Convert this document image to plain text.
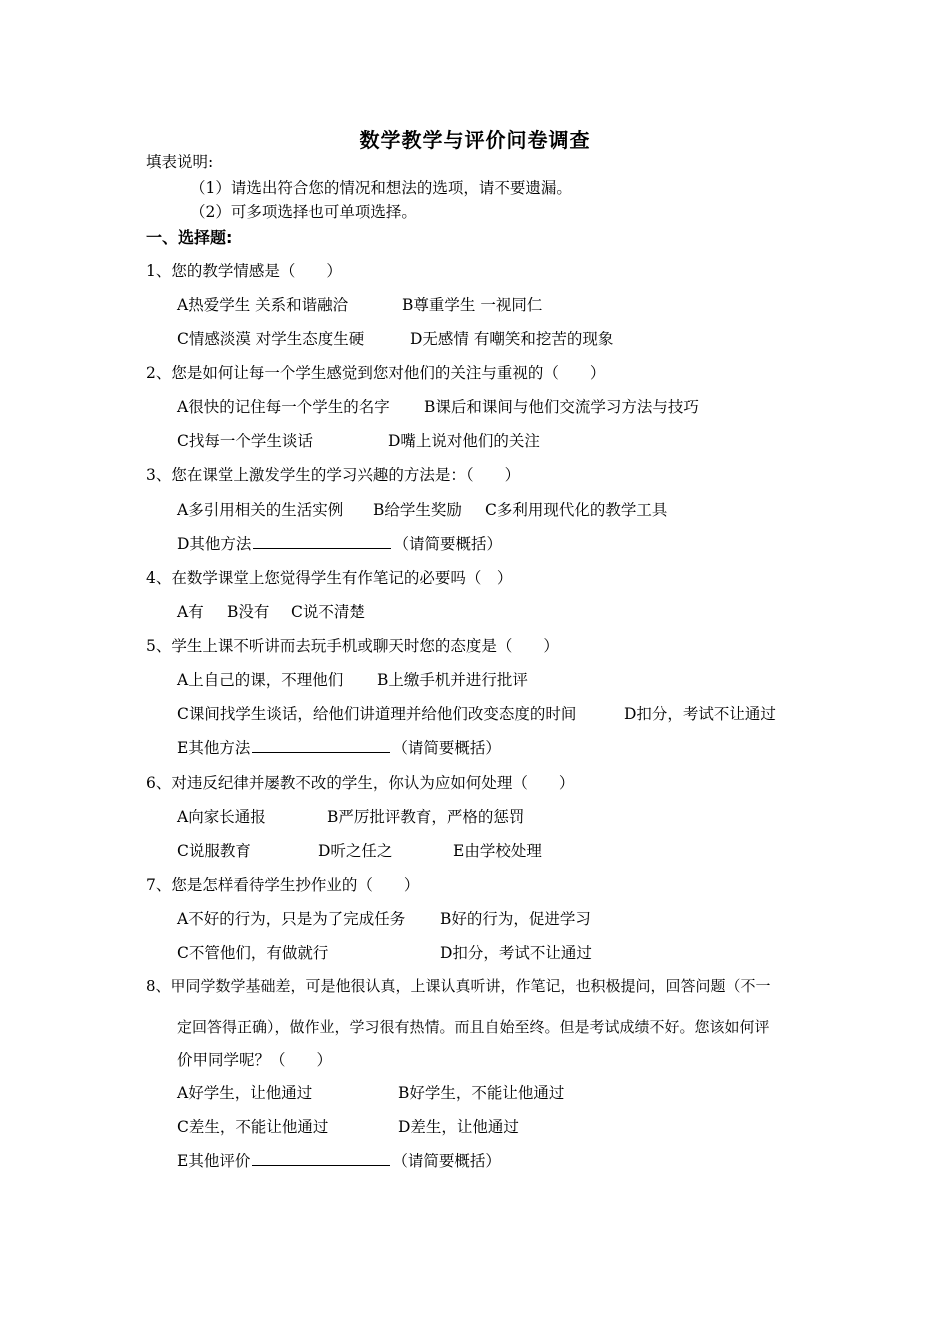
数学教学与评价问卷调查
填表说明:
（1）请选出符合您的情况和想法的选项，请不要遗漏。
（2）可多项选择也可单项选择。
一、选择题:
1、您的教学情感是（　　）
A热爱学生 关系和谐融洽	B尊重学生 一视同仁
C情感淡漠 对学生态度生硬	D无感情 有嘲笑和挖苦的现象
2、您是如何让每一个学生感觉到您对他们的关注与重视的（　　）
A很快的记住每一个学生的名字 B课后和课间与他们交流学习方法与技巧
C找每一个学生谈话	D嘴上说对他们的关注
3、您在课堂上激发学生的学习兴趣的方法是：（　　）
A多引用相关的生活实例 B给学生奖励 C多利用现代化的教学工具
D其他方法	（请简要概括）
4、在数学课堂上您觉得学生有作笔记的必要吗（　）
A有 B没有 C说不清楚
5、学生上课不听讲而去玩手机或聊天时您的态度是（　　）
A上自己的课，不理他们 B上缴手机并进行批评
C课间找学生谈话，给他们讲道理并给他们改变态度的时间	D扣分，考试不让通过
E其他方法	（请简要概括）
6、对违反纪律并屡教不改的学生，你认为应如何处理（　　）
A向家长通报	B严厉批评教育，严格的惩罚
C说服教育	D听之任之	E由学校处理
7、您是怎样看待学生抄作业的（　　）
A不好的行为，只是为了完成任务 B好的行为，促进学习
C不管他们，有做就行	D扣分，考试不让通过
8、甲同学数学基础差，可是他很认真，上课认真听讲，作笔记，也积极提问，回答问题（不一
定回答得正确），做作业，学习很有热情。而且自始至终。但是考试成绩不好。您该如何评
价甲同学呢？（　　）
A好学生，让他通过	B好学生，不能让他通过
C差生，不能让他通过	D差生，让他通过
E其他评价	（请简要概括）
